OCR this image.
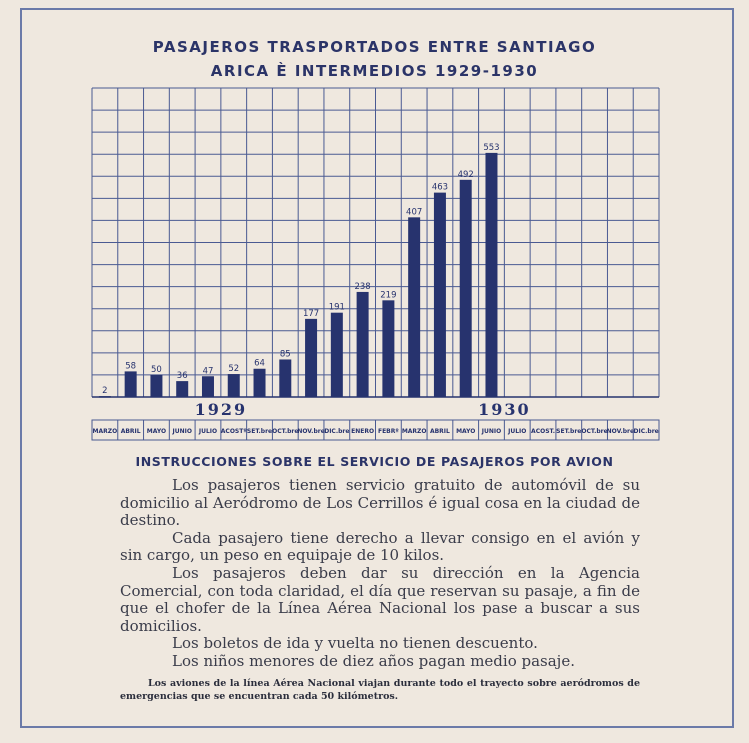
PASAJEROS TRASPORTADOS ENTRE SANTIAGO
ARICA È INTERMEDIOS 1929-1930
2
58 50
36 47 52
64
85
177
191
238
219
407
463
492
553
MARZO ABRIL MAYO JUNIO JULIO ACOSTº SET.bre OCT.bre
NOV.bre DIC.bre ENERO FEBRº MARZO ABRIL MAYO JUNIO JULIO ACOST. SET.bre OCT.bre
NOV.bre DIC.bre
1929	1930
INSTRUCCIONES SOBRE EL SERVICIO DE PASAJEROS POR AVION

Los pasajeros tienen servicio gratuito de automóvil de su domicilio al Aeródromo de Los Cerrillos é igual cosa en la ciudad de destino.

Cada pasajero tiene derecho a llevar consigo en el avión y sin cargo, un peso en equipaje de 10 kilos.

Los pasajeros deben dar su dirección en la Agencia Comercial, con toda claridad, el día que reservan su pasaje, a fin de que el chofer de la Línea Aérea Nacional los pase a buscar a sus domicilios.

Los boletos de ida y vuelta no tienen descuento.

Los niños menores de diez años pagan medio pasaje.

Los aviones de la línea Aérea Nacional viajan durante todo el trayecto sobre aeródromos de emergencias que se encuentran cada 50 kilómetros.
